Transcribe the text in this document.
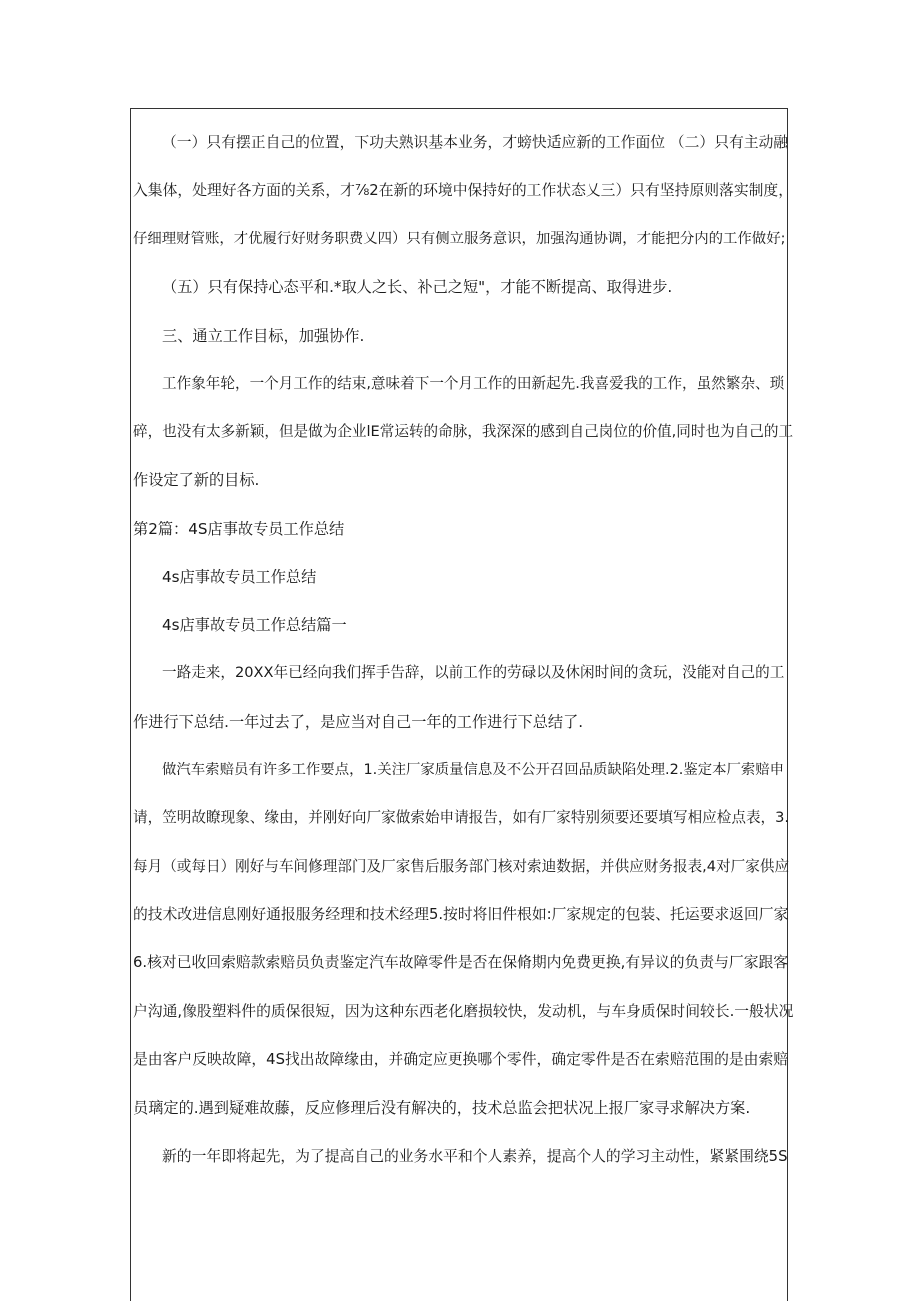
（一）只有摆正自己的位置，下功夫熟识基本业务，才螃快适应新的工作面位 （二）只有主动融
入集体，处理好各方面的关系，才⅞2在新的环境中保持好的工作状态乂三）只有坚持原则落实制度，
仔细理财管账，才优履行好财务职费乂四）只有侧立服务意识，加强沟通协调，才能把分内的工作做好;
（五）只有保持心态平和.*取人之长、补己之短"，才能不断提高、取得进步.
三、通立工作目标，加强协作.
工作象年轮，一个月工作的结束,意味着下一个月工作的田新起先.我喜爱我的工作，虽然繁杂、琐
碎，也没有太多新颖，但是做为企业lE常运转的命脉，我深深的感到自己岗位的价值,同时也为自己的工
作设定了新的目标.
第2篇：4S店事故专员工作总结
4s店事故专员工作总结
4s店事故专员工作总结篇一
一路走来，20XX年已经向我们挥手告辞，以前工作的劳碌以及休闲时间的贪玩，没能对自己的工
作进行下总结.一年过去了，是应当对自己一年的工作进行下总结了.
做汽车索赔员有许多工作要点，1.关注厂家质量信息及不公开召回品质缺陷处理.2.鉴定本厂索赔申
请，笠明故瞭现象、缘由，并刚好向厂家做索始申请报告，如有厂家特别须要还要填写相应检点表，3.
每月（或每日）刚好与车间修理部门及厂家售后服务部门核对索迪数据，并供应财务报表,4对厂家供应
的技术改进信息刚好通报服务经理和技术经理5.按时将旧件根如:厂家规定的包装、托运要求返回厂家
6.核对已收回索赔款索赔员负责鉴定汽车故障零件是否在保脩期内免费更换,有异议的负责与厂家跟客
户沟通,像股塑料件的质保很短，因为这种东西老化磨损较快，发动机，与车身质保时间较长.一般状况
是由客户反映故障，4S找出故障缘由，并确定应更换哪个零件，确定零件是否在索赔范围的是由索赔
员璃定的.遇到疑难故藤，反应修理后没有解决的，技术总监会把状况上报厂家寻求解决方案.
新的一年即将起先，为了提高自己的业务水平和个人素养，提高个人的学习主动性，紧紧围绕5S
